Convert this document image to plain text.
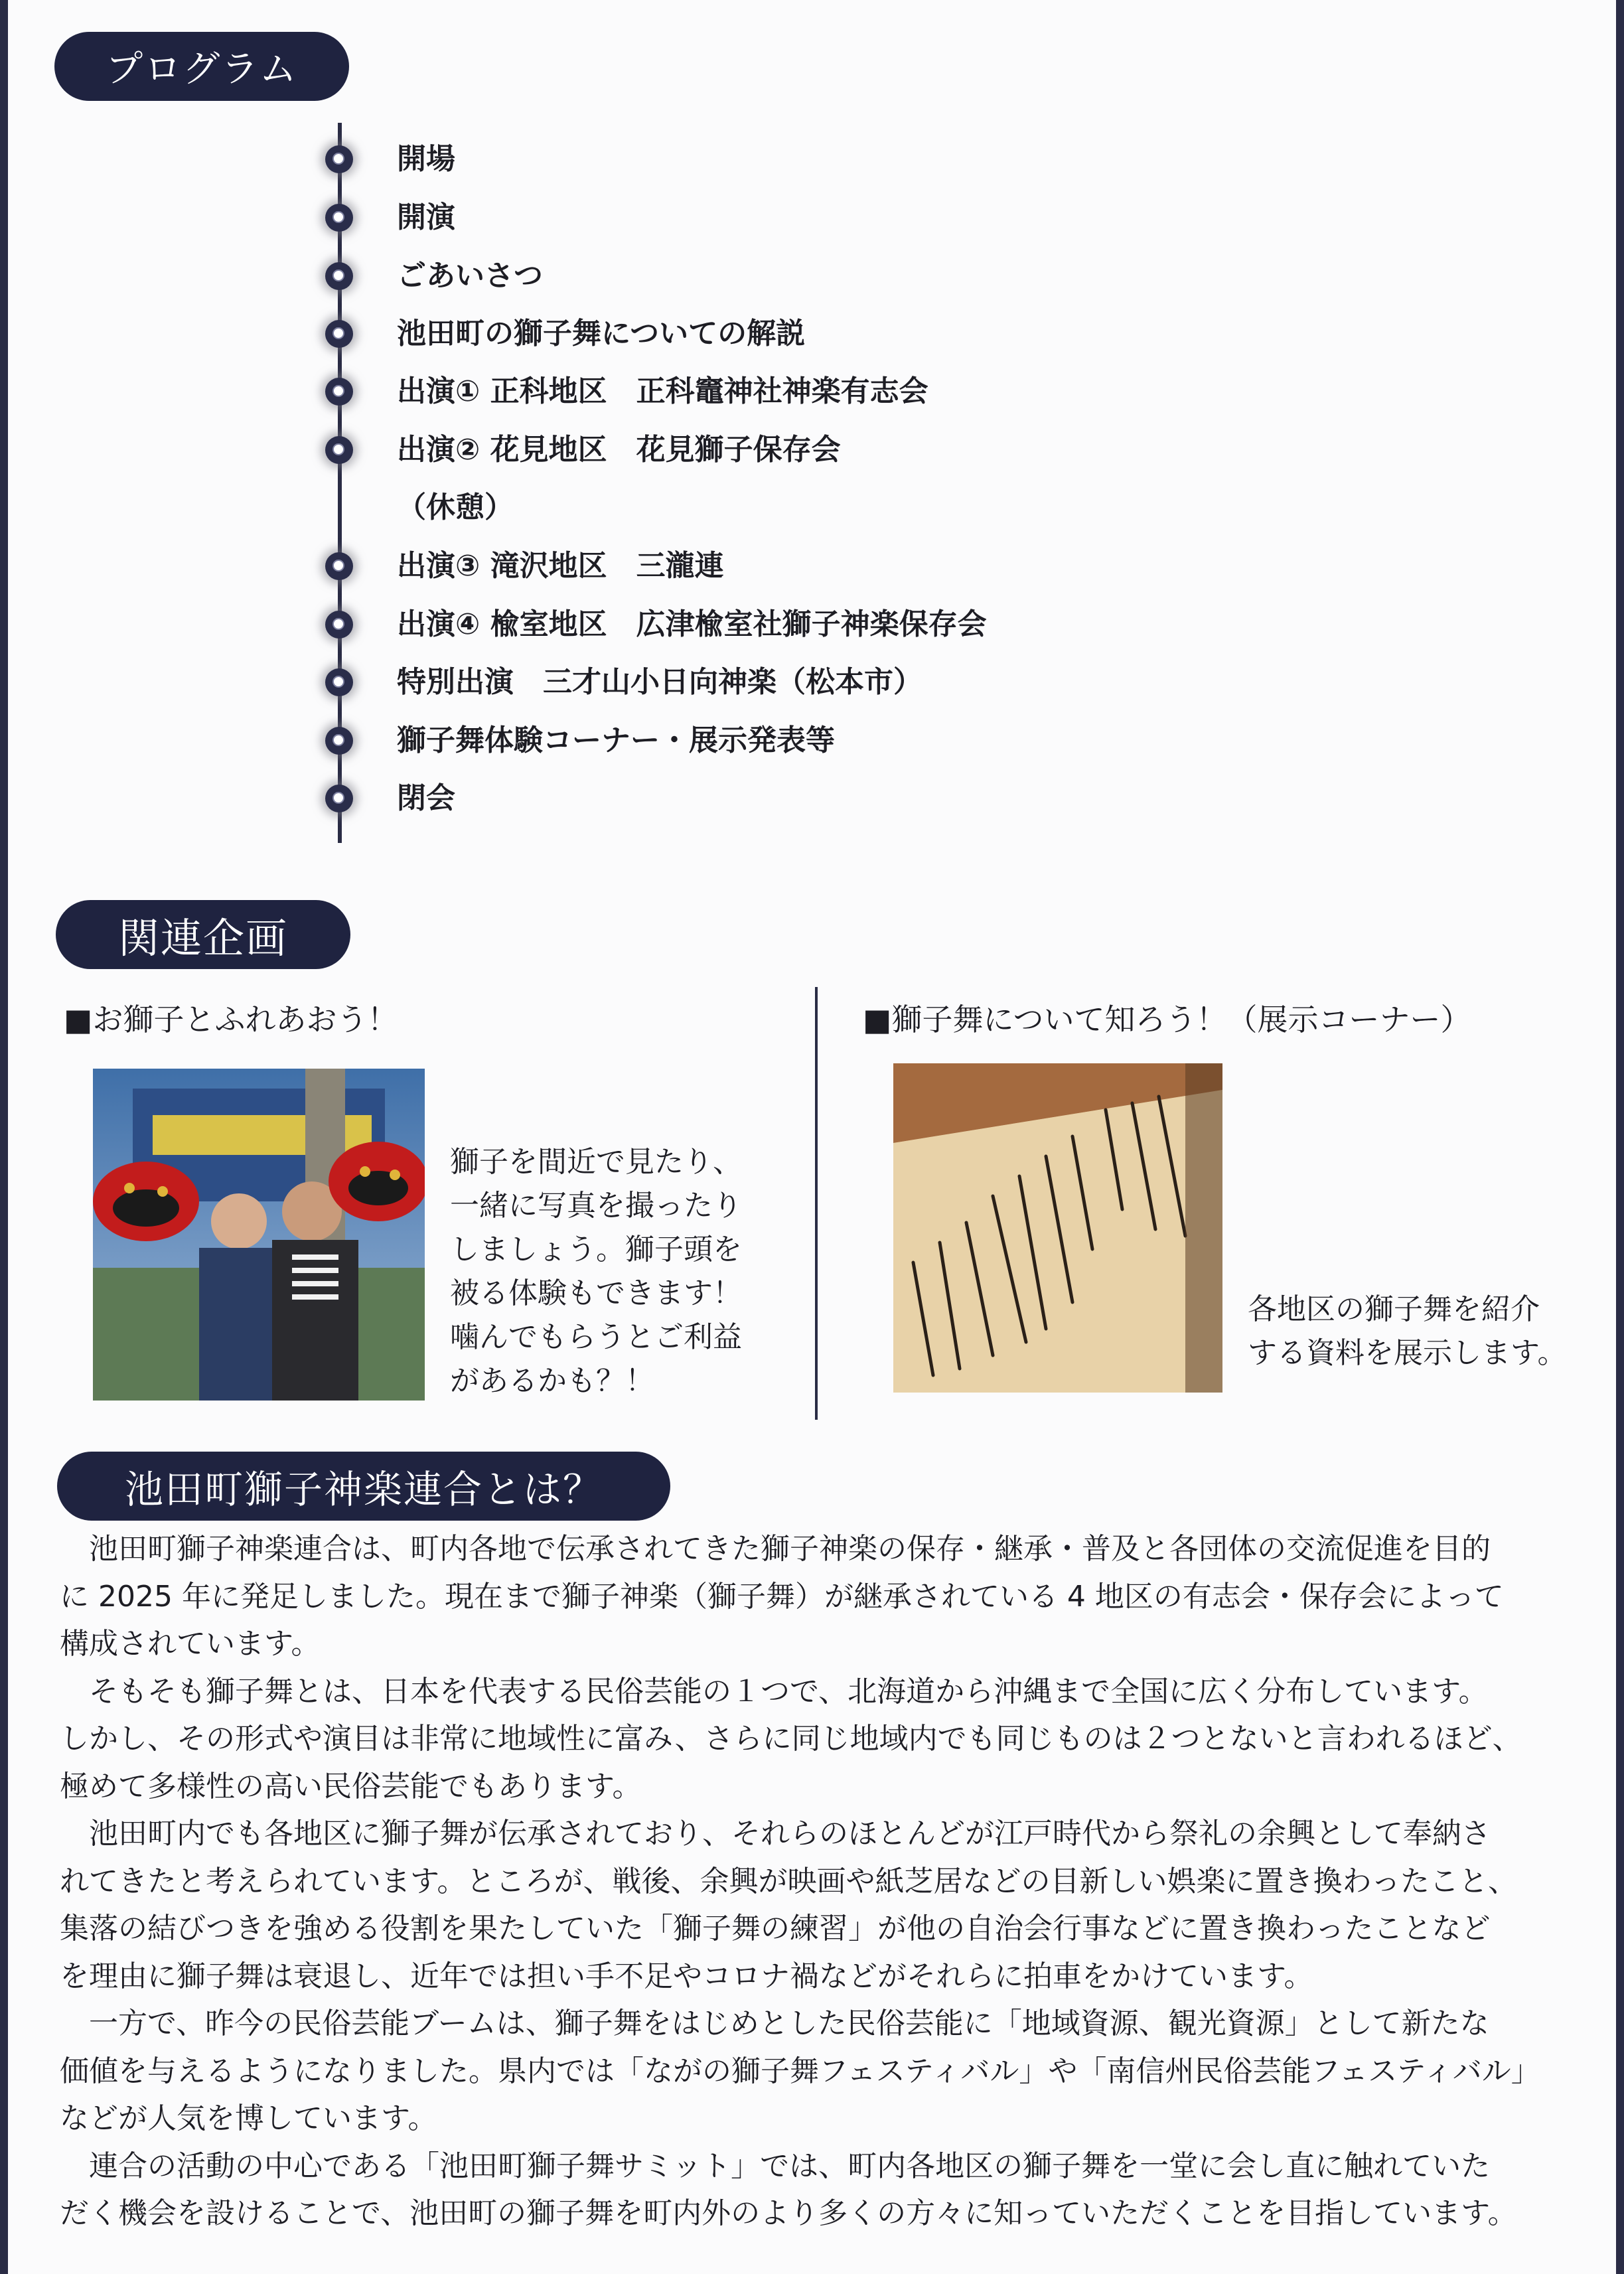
プログラム
開場
開演
ごあいさつ
池田町の獅子舞についての解説
出演① 正科地区　正科竈神社神楽有志会
出演② 花見地区　花見獅子保存会
（休憩）
出演③ 滝沢地区　三瀧連
出演④ 楡室地区　広津楡室社獅子神楽保存会
特別出演　三才山小日向神楽（松本市）
獅子舞体験コーナー・展示発表等
閉会
関連企画
■お獅子とふれあおう！	■獅子舞について知ろう！（展示コーナー）
獅子を間近で見たり、
一緒に写真を撮ったり
しましょう。獅子頭を
被る体験もできます！
噛んでもらうとご利益
があるかも？！
各地区の獅子舞を紹介
する資料を展示します。
池田町獅子神楽連合とは？

　池田町獅子神楽連合は、町内各地で伝承されてきた獅子神楽の保存・継承・普及と各団体の交流促進を目的

に 2025 年に発足しました。現在まで獅子神楽（獅子舞）が継承されている 4 地区の有志会・保存会によって

構成されています。

　そもそも獅子舞とは、日本を代表する民俗芸能の１つで、北海道から沖縄まで全国に広く分布しています。

しかし、その形式や演目は非常に地域性に富み、さらに同じ地域内でも同じものは２つとないと言われるほど、

極めて多様性の高い民俗芸能でもあります。

　池田町内でも各地区に獅子舞が伝承されており、それらのほとんどが江戸時代から祭礼の余興として奉納さ

れてきたと考えられています。ところが、戦後、余興が映画や紙芝居などの目新しい娯楽に置き換わったこと、

集落の結びつきを強める役割を果たしていた「獅子舞の練習」が他の自治会行事などに置き換わったことなど

を理由に獅子舞は衰退し、近年では担い手不足やコロナ禍などがそれらに拍車をかけています。

　一方で、昨今の民俗芸能ブームは、獅子舞をはじめとした民俗芸能に「地域資源、観光資源」として新たな

価値を与えるようになりました。県内では「ながの獅子舞フェスティバル」や「南信州民俗芸能フェスティバル」

などが人気を博しています。

　連合の活動の中心である「池田町獅子舞サミット」では、町内各地区の獅子舞を一堂に会し直に触れていた

だく機会を設けることで、池田町の獅子舞を町内外のより多くの方々に知っていただくことを目指しています。
